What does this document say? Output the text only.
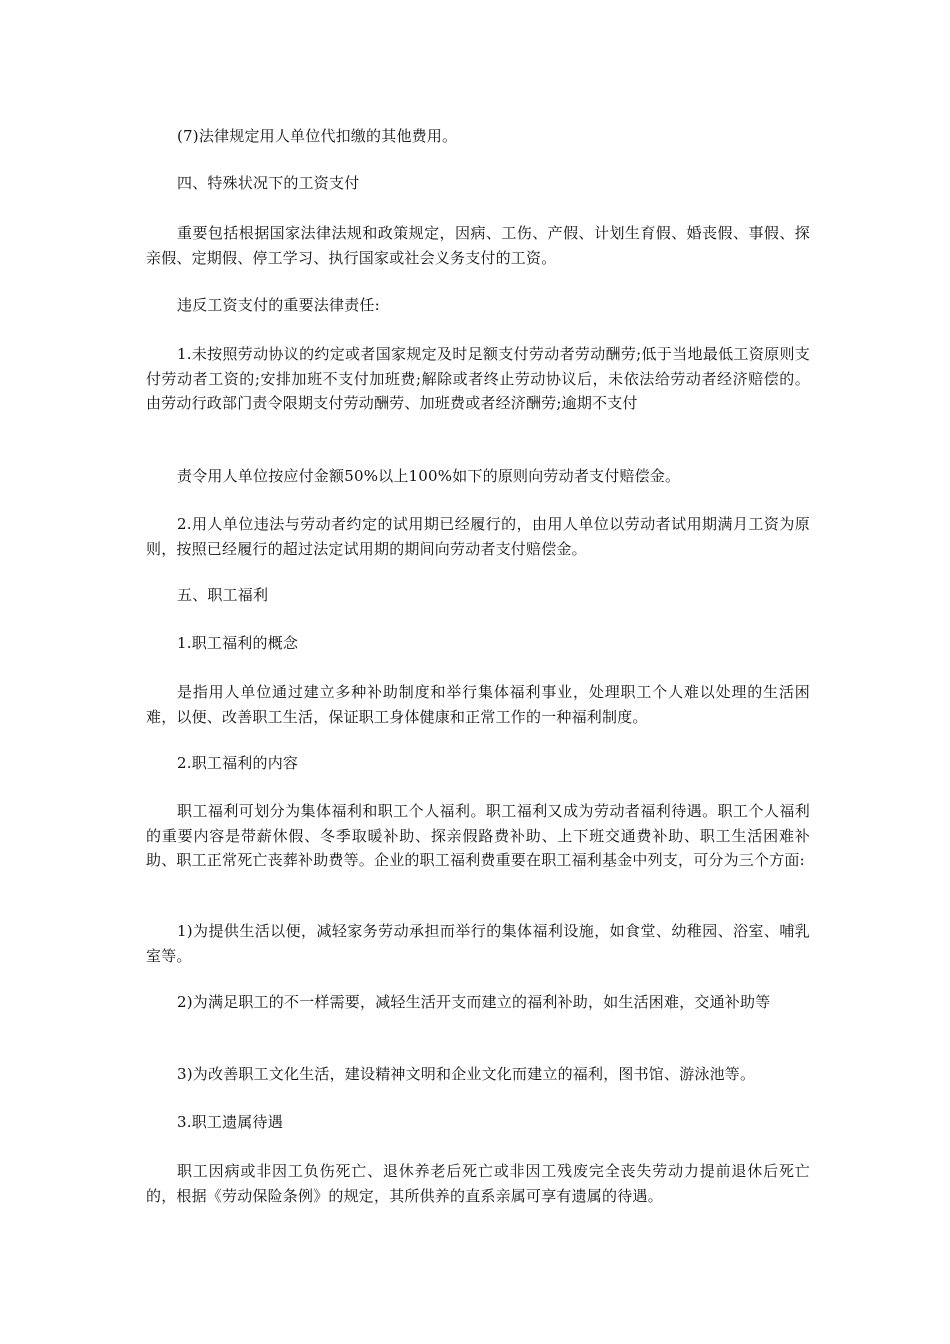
(7)法律规定用人单位代扣缴的其他费用。

四、特殊状况下的工资支付

重要包括根据国家法律法规和政策规定，因病、工伤、产假、计划生育假、婚丧假、事假、探亲假、定期假、停工学习、执行国家或社会义务支付的工资。

违反工资支付的重要法律责任:

1.未按照劳动协议的约定或者国家规定及时足额支付劳动者劳动酬劳;低于当地最低工资原则支付劳动者工资的;安排加班不支付加班费;解除或者终止劳动协议后，未依法给劳动者经济赔偿的。由劳动行政部门责令限期支付劳动酬劳、加班费或者经济酬劳;逾期不支付

责令用人单位按应付金额50%以上100%如下的原则向劳动者支付赔偿金。

2.用人单位违法与劳动者约定的试用期已经履行的，由用人单位以劳动者试用期满月工资为原则，按照已经履行的超过法定试用期的期间向劳动者支付赔偿金。

五、职工福利

1.职工福利的概念

是指用人单位通过建立多种补助制度和举行集体福利事业，处理职工个人难以处理的生活困难，以便、改善职工生活，保证职工身体健康和正常工作的一种福利制度。

2.职工福利的内容

职工福利可划分为集体福利和职工个人福利。职工福利又成为劳动者福利待遇。职工个人福利的重要内容是带薪休假、冬季取暖补助、探亲假路费补助、上下班交通费补助、职工生活困难补助、职工正常死亡丧葬补助费等。企业的职工福利费重要在职工福利基金中列支，可分为三个方面:

1)为提供生活以便，减轻家务劳动承担而举行的集体福利设施，如食堂、幼稚园、浴室、哺乳室等。

2)为满足职工的不一样需要，减轻生活开支而建立的福利补助，如生活困难，交通补助等

3)为改善职工文化生活，建设精神文明和企业文化而建立的福利，图书馆、游泳池等。

3.职工遗属待遇

职工因病或非因工负伤死亡、退休养老后死亡或非因工残废完全丧失劳动力提前退休后死亡的，根据《劳动保险条例》的规定，其所供养的直系亲属可享有遗属的待遇。
